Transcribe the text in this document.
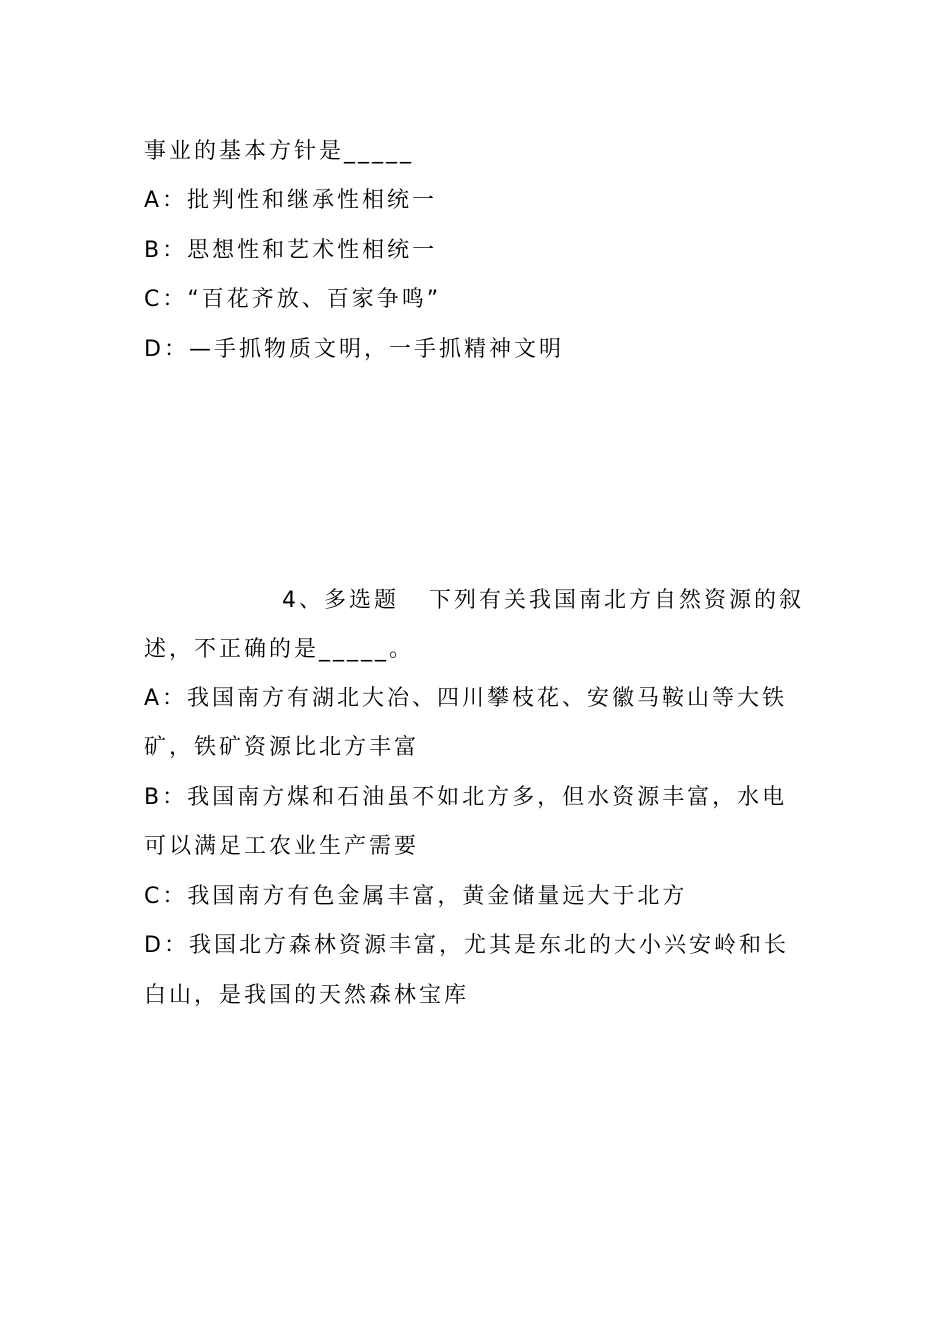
事业的基本方针是_____
A：批判性和继承性相统一
B：思想性和艺术性相统一
C：“百花齐放、百家争鸣”
D：—手抓物质文明，一手抓精神文明
4、多选题   下列有关我国南北方自然资源的叙
述，不正确的是_____。
A：我国南方有湖北大冶、四川攀枝花、安徽马鞍山等大铁
矿，铁矿资源比北方丰富
B：我国南方煤和石油虽不如北方多，但水资源丰富，水电
可以满足工农业生产需要
C：我国南方有色金属丰富，黄金储量远大于北方
D：我国北方森林资源丰富，尤其是东北的大小兴安岭和长
白山，是我国的天然森林宝库
